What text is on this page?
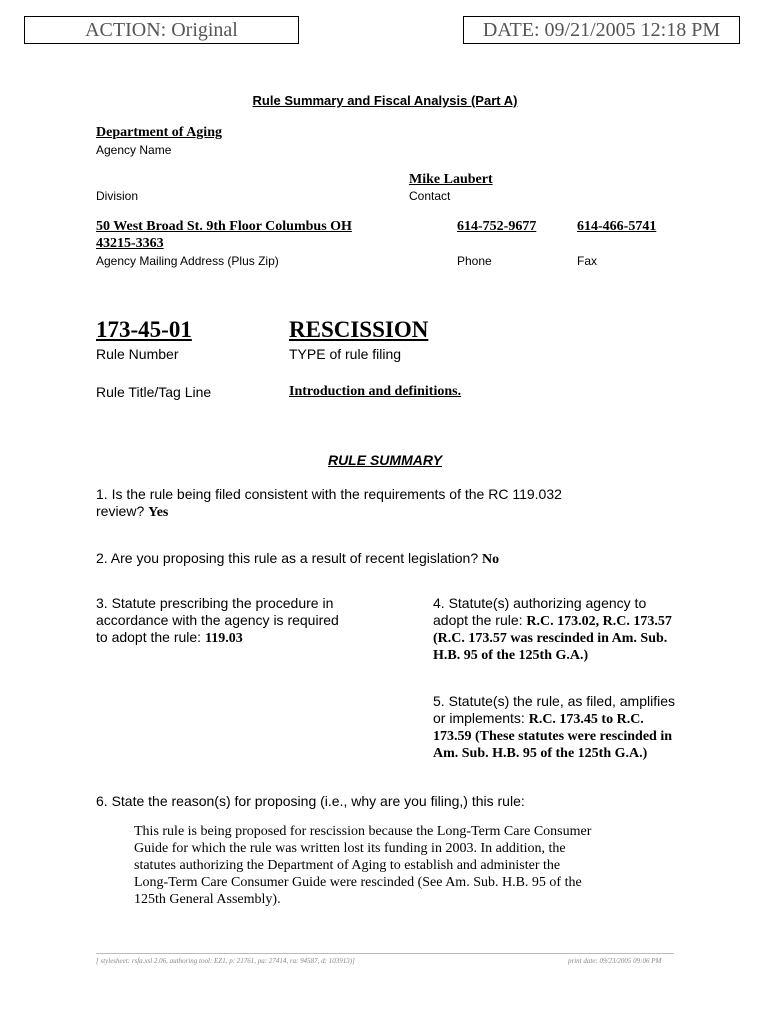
ACTION: Original	DATE: 09/21/2005 12:18 PM
Rule Summary and Fiscal Analysis (Part A)
Department of Aging
Agency Name
Mike Laubert
Division	Contact
50 West Broad St. 9th Floor Columbus OH
43215-3363
614-752-9677	614-466-5741
Agency Mailing Address (Plus Zip)	Phone	Fax
173-45-01	RESCISSION
Rule Number	TYPE of rule filing
Rule Title/Tag Line	Introduction and definitions.
RULE SUMMARY
1. Is the rule being filed consistent with the requirements of the RC 119.032
review? Yes
2. Are you proposing this rule as a result of recent legislation? No
3. Statute prescribing the procedure in
accordance with the agency is required
to adopt the rule: 119.03
4. Statute(s) authorizing agency to
adopt the rule: R.C. 173.02, R.C. 173.57
(R.C. 173.57 was rescinded in Am. Sub.
H.B. 95 of the 125th G.A.)
5. Statute(s) the rule, as filed, amplifies
or implements: R.C. 173.45 to R.C.
173.59 (These statutes were rescinded in
Am. Sub. H.B. 95 of the 125th G.A.)
6. State the reason(s) for proposing (i.e., why are you filing,) this rule:
This rule is being proposed for rescission because the Long-Term Care Consumer
Guide for which the rule was written lost its funding in 2003. In addition, the
statutes authorizing the Department of Aging to establish and administer the
Long-Term Care Consumer Guide were rescinded (See Am. Sub. H.B. 95 of the
125th General Assembly).
[ stylesheet: rsfa.xsl 2.06, authoring tool: EZ1, p: 21761, pa: 27414, ra: 94587, d: 103913)]	print date: 09/23/2005 09:06 PM
